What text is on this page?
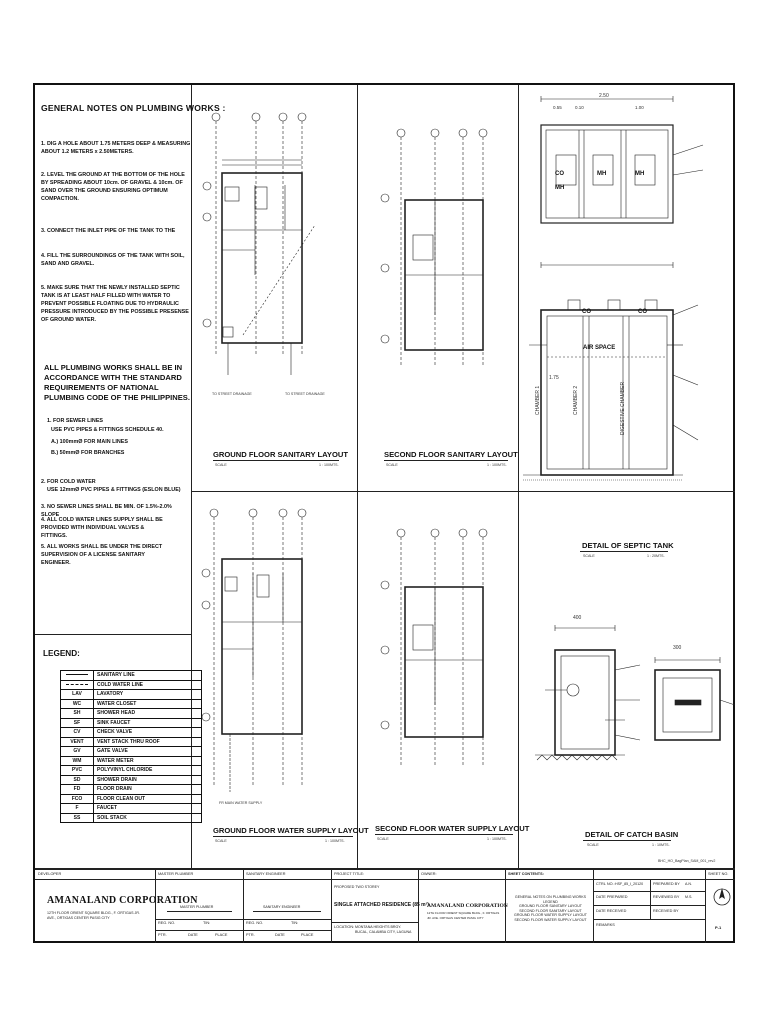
GENERAL NOTES ON PLUMBING WORKS :
1. DIG A HOLE ABOUT 1.75 METERS DEEP & MEASURING ABOUT 1.2 METERS x 2.50METERS.
2. LEVEL THE GROUND AT THE BOTTOM OF THE HOLE BY SPREADING ABOUT 10cm. OF GRAVEL & 10cm. OF SAND OVER THE GROUND ENSURING OPTIMUM COMPACTION.
3. CONNECT THE INLET PIPE OF THE TANK TO THE
4. FILL THE SURROUNDINGS OF THE TANK WITH SOIL, SAND AND GRAVEL.
5. MAKE SURE THAT THE NEWLY INSTALLED SEPTIC TANK IS AT LEAST HALF FILLED WITH WATER TO PREVENT POSSIBLE FLOATING DUE TO HYDRAULIC PRESSURE INTRODUCED BY THE POSSIBLE PRESENSE OF GROUND WATER.
ALL PLUMBING WORKS SHALL BE IN ACCORDANCE WITH THE STANDARD REQUIREMENTS OF NATIONAL PLUMBING CODE OF THE PHILIPPINES.
1. FOR SEWER LINES
USE PVC PIPES & FITTINGS SCHEDULE 40.
A.) 100mmØ FOR MAIN LINES
B.) 50mmØ FOR BRANCHES
2. FOR COLD WATER
USE 12mmØ PVC PIPES & FITTINGS (ESLON BLUE)
3. NO SEWER LINES SHALL BE MIN. OF 1.5%-2.0% SLOPE
4. ALL COLD WATER LINES SUPPLY SHALL BE PROVIDED WITH INDIVIDUAL VALVES & FITTINGS.
5. ALL WORKS SHALL BE UNDER THE DIRECT SUPERVISION OF A LICENSE SANITARY ENGINEER.
LEGEND:
	SANITARY LINE
	COLD WATER LINE
LAV	LAVATORY
WC	WATER CLOSET
SH	SHOWER HEAD
SF	SINK FAUCET
CV	CHECK VALVE
VENT	VENT STACK THRU ROOF
GV	GATE VALVE
WM	WATER METER
PVC	POLYVINYL CHLORIDE
SD	SHOWER DRAIN
FD	FLOOR DRAIN
FCO	FLOOR CLEAN OUT
F	FAUCET
SS	SOIL STACK
TO STREET DRAINAGE	TO STREET DRAINAGE
GROUND FLOOR SANITARY LAYOUT
SCALE	1 : 100MTS.
SECOND FLOOR SANITARY LAYOUT
SCALE	1 : 100MTS.
2.50
0.55	0.10	1.00
1.75
CO	MH
MH
MH
CO	CO
AIR SPACE
CHAMBER 1	CHAMBER 2	DIGESTIVE CHAMBER
DETAIL OF SEPTIC TANK
SCALE	1 : 20MTS.
FR MAIN WATER SUPPLY
GROUND FLOOR WATER SUPPLY LAYOUT
SCALE	1 : 100MTS.
SECOND FLOOR WATER SUPPLY LAYOUT
SCALE	1 : 100MTS.
400
300
DETAIL OF CATCH BASIN
SCALE	1 : 10MTS.
BHC_HO_BagPlan_SAM_001_rev2
DEVELOPER
AMANALAND CORPORATION
12TH FLOOR ORIENT SQUARE BLDG., F. ORTIGAS JR. AVE., ORTIGAS CENTER PASIG CITY
MASTER PLUMBER
MASTER PLUMBER
REG. NO.	TIN:
PTR.	DATE	PLACE
SANITARY ENGINEER
SANITARY ENGINEER
REG. NO.	TIN:
PTR.	DATE	PLACE
PROJECT TITLE:
PROPOSED TWO STOREY
SINGLE ATTACHED RESIDENCE (85 m²)
LOCATION: MONTANA HEIGHTS BRGY. BUCAL, CALAMBA CITY, LAGUNA
OWNER:
AMANALAND CORPORATION
12TH FLOOR ORIENT SQUARE BLDG., F. ORTIGAS JR. AVE. ORTIGAS CENTER PASIG CITY
SHEET CONTENTS:
GENERAL NOTES ON PLUMBING WORKS
LEGEND
GROUND FLOOR SANITARY LAYOUT
SECOND FLOOR SANITARY LAYOUT
GROUND FLOOR WATER SUPPLY LAYOUT
SECOND FLOOR WATER SUPPLY LAYOUT
CTRL NO.: HSF_85_I_20120	PREPARED BY A.N.
DATE PREPARED	REVIEWED BY M.S.
DATE RECEIVED	RECEIVED BY
REMARKS
SHEET NO.
P-1
